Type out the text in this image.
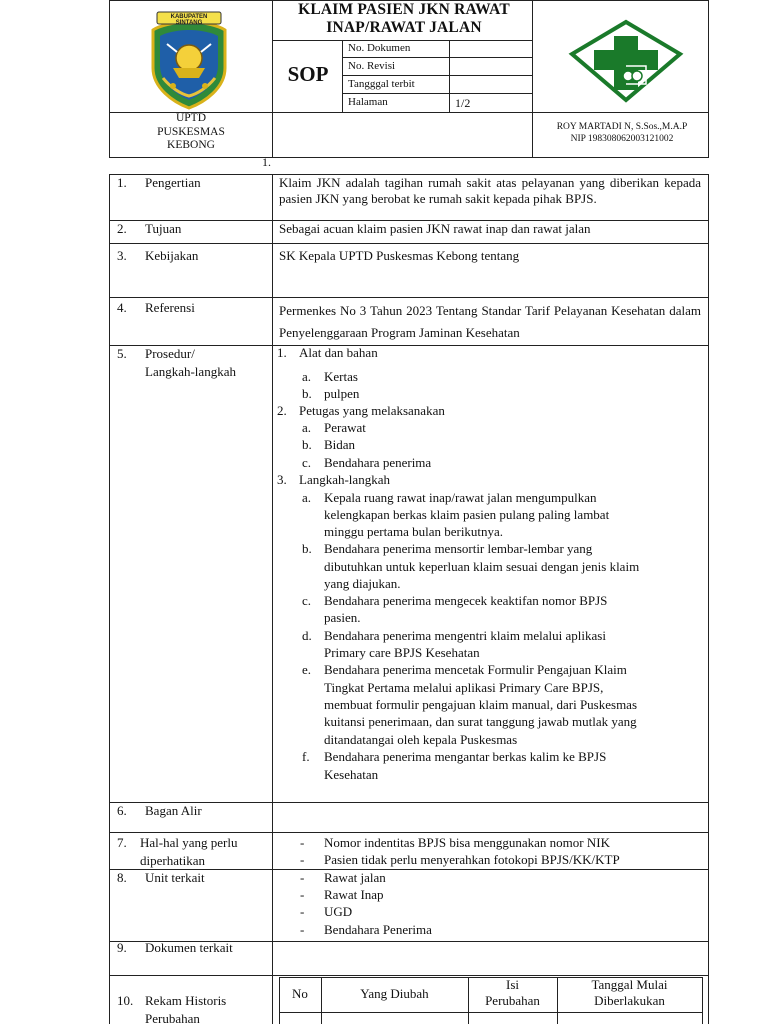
KABUPATEN SINTANG
KLAIM PASIEN JKN RAWAT
INAP/RAWAT JALAN
SOP
No. Dokumen
No. Revisi
Tangggal terbit
Halaman	1/2
UPTD
PUSKESMAS
KEBONG
ROY MARTADI N, S.Sos.,M.A.P
NIP 198308062003121002
1.
1. Pengertian
2. Tujuan
3. Kebijakan
4. Referensi
5. Prosedur/
Langkah-langkah
6. Bagan Alir
7. Hal-hal yang perlu
diperhatikan
8. Unit terkait
9. Dokumen terkait
10. Rekam Historis
Perubahan
Klaim JKN adalah tagihan rumah sakit atas pelayanan yang diberikan kepada pasien JKN yang berobat ke rumah sakit kepada pihak BPJS.
Sebagai acuan klaim pasien JKN rawat inap dan rawat jalan
SK Kepala UPTD Puskesmas Kebong tentang
Permenkes No 3 Tahun 2023 Tentang Standar Tarif Pelayanan Kesehatan dalam Penyelenggaraan Program Jaminan Kesehatan
1. Alat dan bahan
a. Kertas
b. pulpen
2. Petugas yang melaksanakan
a. Perawat
b. Bidan
c. Bendahara penerima
3. Langkah-langkah
a. Kepala ruang rawat inap/rawat jalan mengumpulkan
kelengkapan berkas klaim pasien pulang paling lambat
minggu pertama bulan berikutnya.
b. Bendahara penerima mensortir lembar-lembar yang
dibutuhkan untuk keperluan klaim sesuai dengan jenis klaim
yang diajukan.
c. Bendahara penerima mengecek keaktifan nomor BPJS
pasien.
d. Bendahara penerima mengentri klaim melalui aplikasi
Primary care BPJS Kesehatan
e. Bendahara penerima mencetak Formulir Pengajuan Klaim
Tingkat Pertama melalui aplikasi Primary Care BPJS,
membuat formulir pengajuan klaim manual, dari Puskesmas
kuitansi penerimaan, dan surat tanggung jawab mutlak yang
ditandatangai oleh kepala Puskesmas
f. Bendahara penerima mengantar berkas kalim ke BPJS
Kesehatan
- Nomor indentitas BPJS bisa menggunakan nomor NIK
- Pasien tidak perlu menyerahkan fotokopi BPJS/KK/KTP
- Rawat jalan
- Rawat Inap
- UGD
- Bendahara Penerima
No	Yang Diubah
Isi
Perubahan
Tanggal Mulai
Diberlakukan
